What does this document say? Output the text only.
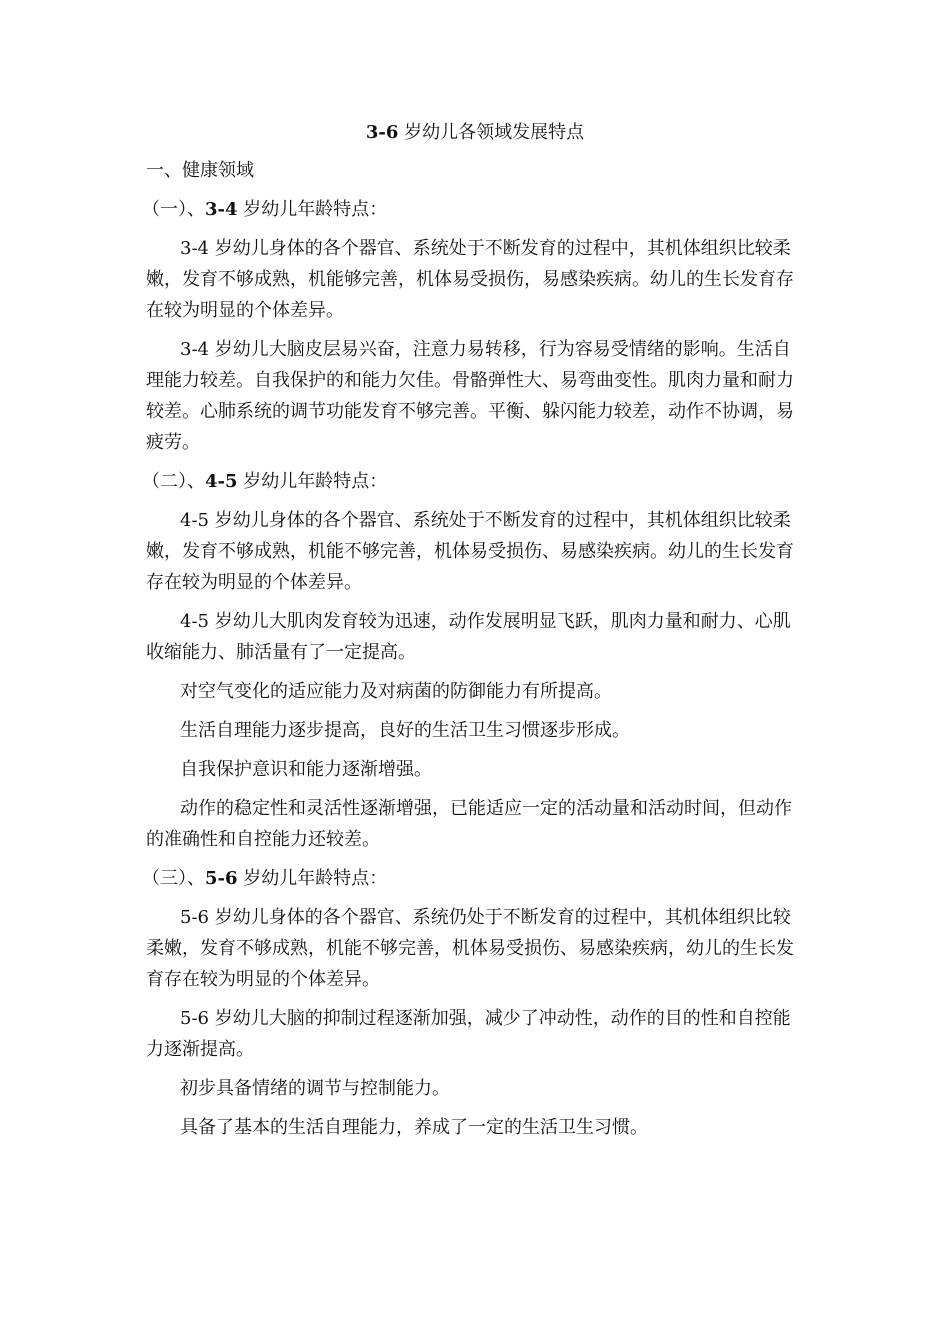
3-6 岁幼儿各领域发展特点

一、健康领域

（一）、3-4 岁幼儿年龄特点：

3-4 岁幼儿身体的各个器官、系统处于不断发育的过程中，其机体组织比较柔嫩，发育不够成熟，机能够完善，机体易受损伤，易感染疾病。幼儿的生长发育存在较为明显的个体差异。

3-4 岁幼儿大脑皮层易兴奋，注意力易转移，行为容易受情绪的影响。生活自理能力较差。自我保护的和能力欠佳。骨骼弹性大、易弯曲变性。肌肉力量和耐力较差。心肺系统的调节功能发育不够完善。平衡、躲闪能力较差，动作不协调，易疲劳。

（二）、4-5 岁幼儿年龄特点：

4-5 岁幼儿身体的各个器官、系统处于不断发育的过程中，其机体组织比较柔嫩，发育不够成熟，机能不够完善，机体易受损伤、易感染疾病。幼儿的生长发育存在较为明显的个体差异。

4-5 岁幼儿大肌肉发育较为迅速，动作发展明显飞跃，肌肉力量和耐力、心肌收缩能力、肺活量有了一定提高。

对空气变化的适应能力及对病菌的防御能力有所提高。

生活自理能力逐步提高，良好的生活卫生习惯逐步形成。

自我保护意识和能力逐渐增强。

动作的稳定性和灵活性逐渐增强，已能适应一定的活动量和活动时间，但动作的准确性和自控能力还较差。

（三）、5-6 岁幼儿年龄特点：

5-6 岁幼儿身体的各个器官、系统仍处于不断发育的过程中，其机体组织比较柔嫩，发育不够成熟，机能不够完善，机体易受损伤、易感染疾病，幼儿的生长发育存在较为明显的个体差异。

5-6 岁幼儿大脑的抑制过程逐渐加强，减少了冲动性，动作的目的性和自控能力逐渐提高。

初步具备情绪的调节与控制能力。

具备了基本的生活自理能力，养成了一定的生活卫生习惯。
